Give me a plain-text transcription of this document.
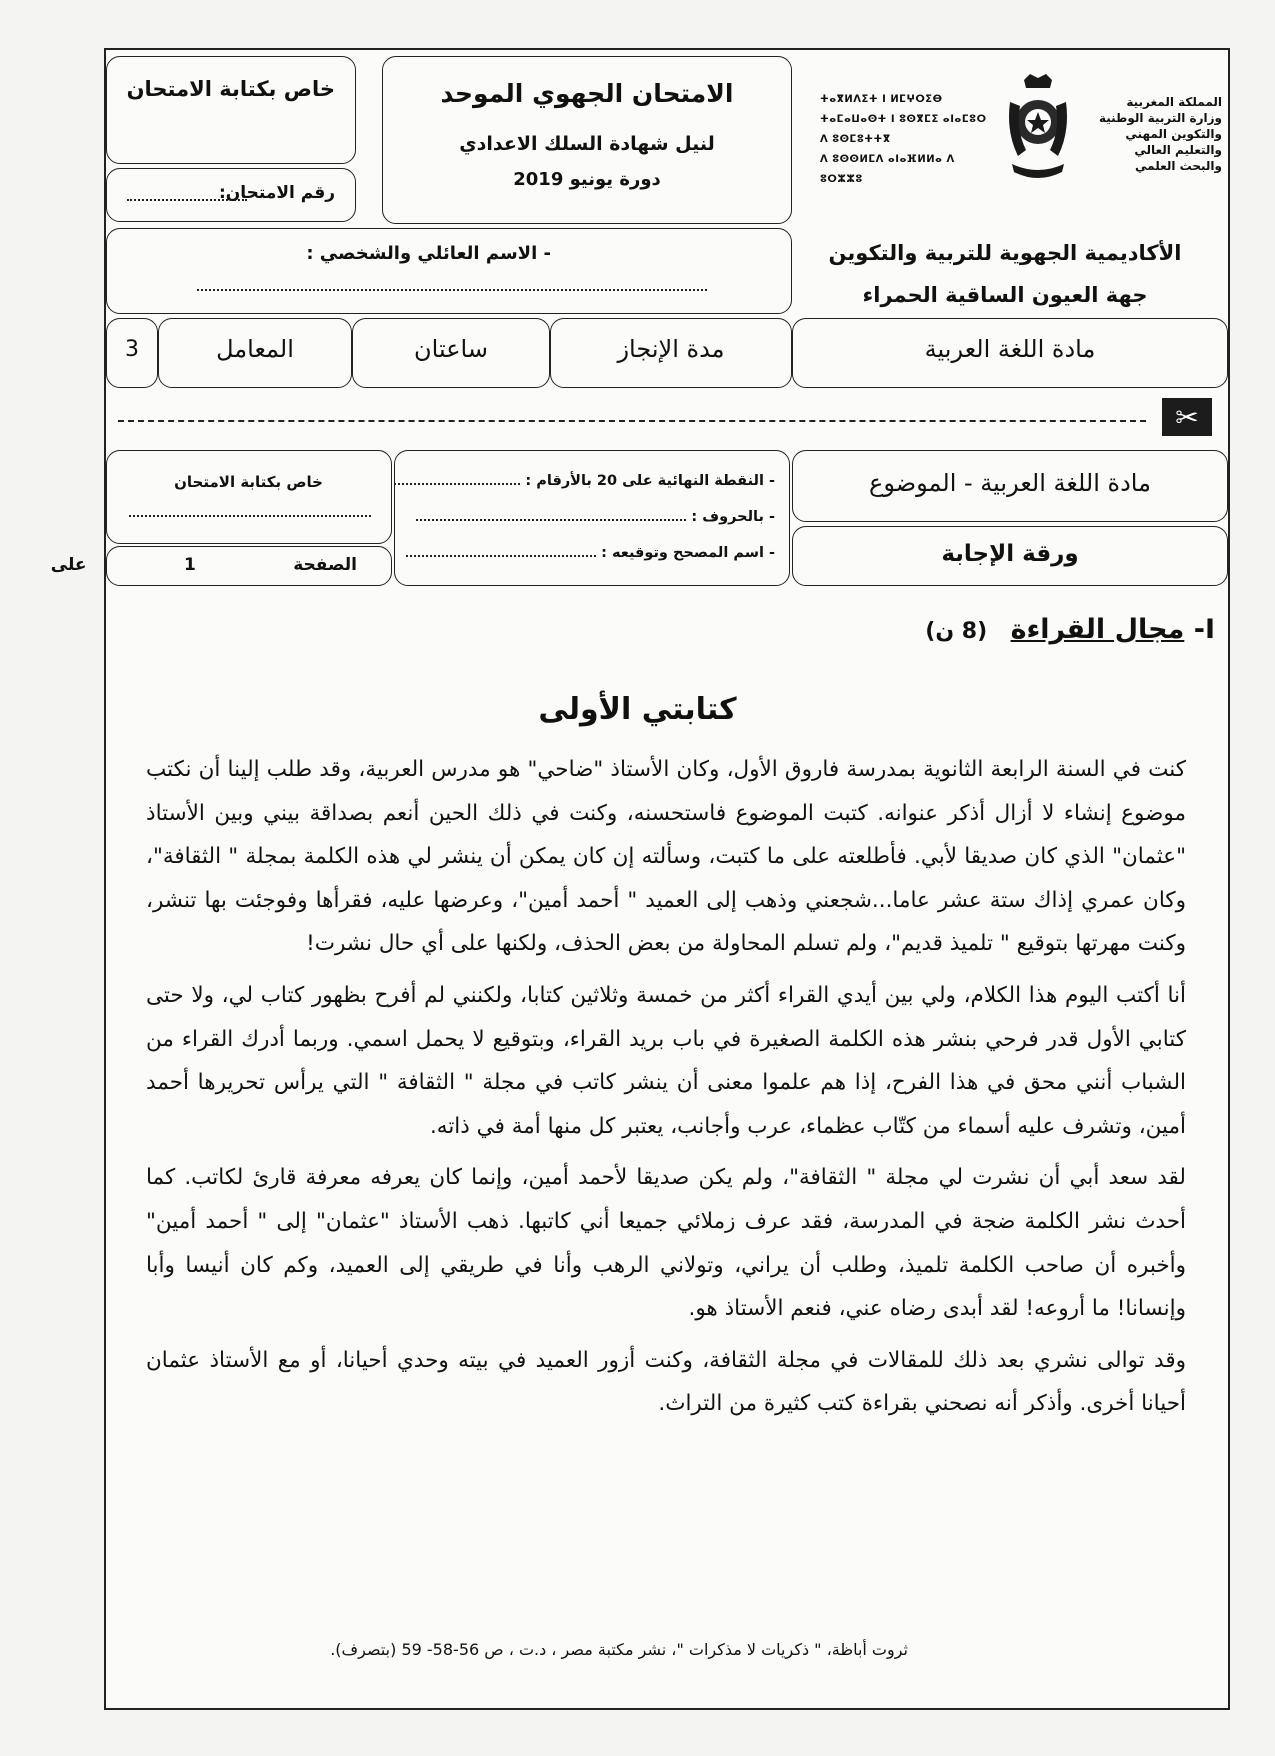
خاص بكتابة الامتحان
رقم الامتحان:
الامتحان الجهوي الموحد
لنيل شهادة السلك الاعدادي
دورة يونيو 2019
المملكة المغربية
وزارة التربية الوطنية
والتكوين المهني
والتعليم العالي والبحث العلمي
ⵜⴰⴳⵍⴷⵉⵜ ⵏ ⵍⵎⵖⵔⵉⴱ
ⵜⴰⵎⴰⵡⴰⵙⵜ ⵏ ⵓⵙⴳⵎⵉ ⴰⵏⴰⵎⵓⵔ
ⴷ ⵓⵙⵎⵓⵜⵜⴳ
ⴷ ⵓⵙⵙⵍⵎⴷ ⴰⵏⴰⴼⵍⵍⴰ ⴷ ⵓⵔⵣⵣⵓ
الأكاديمية الجهوية للتربية والتكوين
جهة العيون الساقية الحمراء
- الاسم العائلي والشخصي :
مادة اللغة العربية
مدة الإنجاز
ساعتان
المعامل
3
✂
مادة اللغة العربية - الموضوع
ورقة الإجابة
- النقطة النهائية على 20 بالأرقام :
- بالحروف :
- اسم المصحح وتوقيعه :
خاص بكتابة الامتحان
الصفحة       1       على
I- مجال القراءة (8 ن)
كتابتي الأولى

كنت في السنة الرابعة الثانوية بمدرسة فاروق الأول، وكان الأستاذ "ضاحي" هو مدرس العربية، وقد طلب إلينا أن نكتب موضوع إنشاء لا أزال أذكر عنوانه. كتبت الموضوع فاستحسنه، وكنت في ذلك الحين أنعم بصداقة بيني وبين الأستاذ "عثمان" الذي كان صديقا لأبي. فأطلعته على ما كتبت، وسألته إن كان يمكن أن ينشر لي هذه الكلمة بمجلة " الثقافة"، وكان عمري إذاك ستة عشر عاما...شجعني وذهب إلى العميد " أحمد أمين"، وعرضها عليه، فقرأها وفوجئت بها تنشر، وكنت مهرتها بتوقيع " تلميذ قديم"، ولم تسلم المحاولة من بعض الحذف، ولكنها على أي حال نشرت!

أنا أكتب اليوم هذا الكلام، ولي بين أيدي القراء أكثر من خمسة وثلاثين كتابا، ولكنني لم أفرح بظهور كتاب لي، ولا حتى كتابي الأول قدر فرحي بنشر هذه الكلمة الصغيرة في باب بريد القراء، وبتوقيع لا يحمل اسمي. وربما أدرك القراء من الشباب أنني محق في هذا الفرح، إذا هم علموا معنى أن ينشر كاتب في مجلة " الثقافة " التي يرأس تحريرها أحمد أمين، وتشرف عليه أسماء من كتّاب عظماء، عرب وأجانب، يعتبر كل منها أمة في ذاته.

لقد سعد أبي أن نشرت لي مجلة " الثقافة"، ولم يكن صديقا لأحمد أمين، وإنما كان يعرفه معرفة قارئ لكاتب. كما أحدث نشر الكلمة ضجة في المدرسة، فقد عرف زملائي جميعا أني كاتبها. ذهب الأستاذ "عثمان" إلى " أحمد أمين" وأخبره أن صاحب الكلمة تلميذ، وطلب أن يراني، وتولاني الرهب وأنا في طريقي إلى العميد، وكم كان أنيسا وأبا وإنسانا! ما أروعه! لقد أبدى رضاه عني، فنعم الأستاذ هو.

وقد توالى نشري بعد ذلك للمقالات في مجلة الثقافة، وكنت أزور العميد في بيته وحدي أحيانا، أو مع الأستاذ عثمان أحيانا أخرى. وأذكر أنه نصحني بقراءة كتب كثيرة من التراث.

ثروت أباظة، " ذكريات لا مذكرات "، نشر مكتبة مصر ، د.ت ، ص 56-58- 59 (بتصرف).
